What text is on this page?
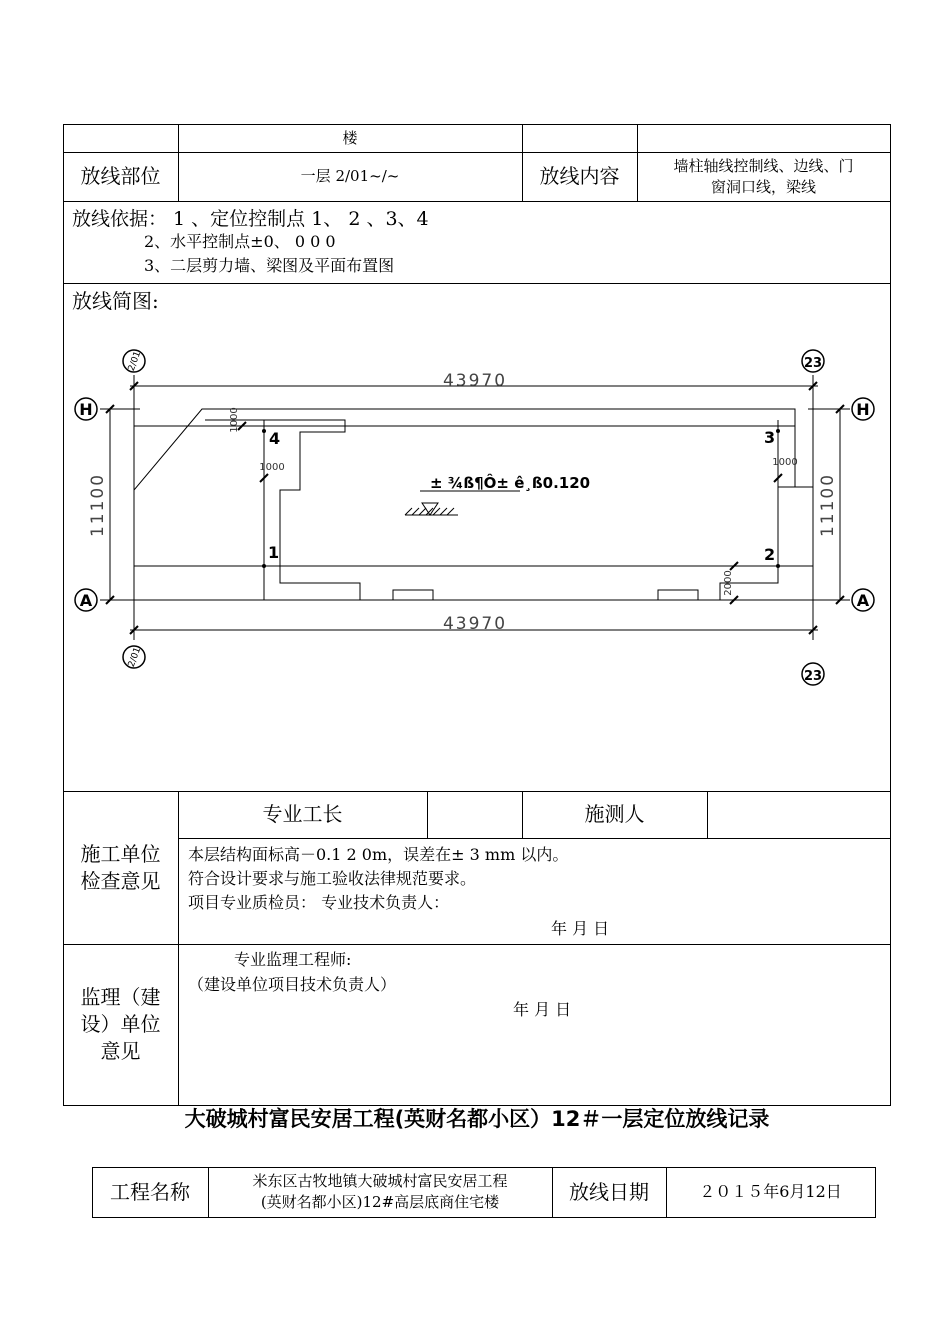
楼
放线部位	一层 2/01~/~	放线内容	墙柱轴线控制线、边线、门
窗洞口线，梁线
放线依据： 1 、定位控制点 1、 2 、3、4
2、水平控制点±0、 0 0 0
3、二层剪力墙、梁图及平面布置图
放线简图:
H	H
A	A
23
23
2/01
2/01
43970
43970
11100	11100
1000
1000	1000
2000
4	3
1	2
± ¾ß¶Ô± ê¸ß0.120
施工单位
检查意见
专业工长	施测人
本层结构面标高－0.1 2 0m，误差在± 3 mm 以内。
符合设计要求与施工验收法律规范要求。
项目专业质检员： 专业技术负责人：
年 月 日
监理（建
设）单位
意见
专业监理工程师:
（建设单位项目技术负责人）
年 月 日
大破城村富民安居工程(英财名都小区）12＃一层定位放线记录
工程名称	米东区古牧地镇大破城村富民安居工程
(英财名都小区)12#高层底商住宅楼	放线日期	２０１５年6月12日
